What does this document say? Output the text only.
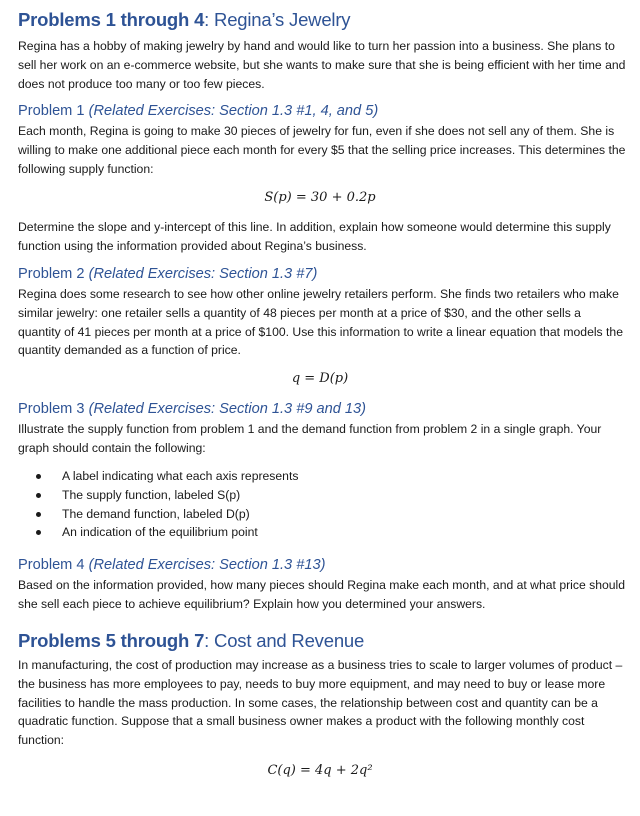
Problems 1 through 4: Regina’s Jewelry
Regina has a hobby of making jewelry by hand and would like to turn her passion into a business. She plans to sell her work on an e-commerce website, but she wants to make sure that she is being efficient with her time and does not produce too many or too few pieces.
Problem 1 (Related Exercises: Section 1.3 #1, 4, and 5)
Each month, Regina is going to make 30 pieces of jewelry for fun, even if she does not sell any of them. She is willing to make one additional piece each month for every $5 that the selling price increases. This determines the following supply function:
S(p) = 30 + 0.2p
Determine the slope and y-intercept of this line. In addition, explain how someone would determine this supply function using the information provided about Regina’s business.
Problem 2 (Related Exercises: Section 1.3 #7)
Regina does some research to see how other online jewelry retailers perform. She finds two retailers who make similar jewelry: one retailer sells a quantity of 48 pieces per month at a price of $30, and the other sells a quantity of 41 pieces per month at a price of $100. Use this information to write a linear equation that models the quantity demanded as a function of price.
q = D(p)
Problem 3 (Related Exercises: Section 1.3 #9 and 13)
Illustrate the supply function from problem 1 and the demand function from problem 2 in a single graph. Your graph should contain the following:
A label indicating what each axis represents
The supply function, labeled S(p)
The demand function, labeled D(p)
An indication of the equilibrium point
Problem 4 (Related Exercises: Section 1.3 #13)
Based on the information provided, how many pieces should Regina make each month, and at what price should she sell each piece to achieve equilibrium? Explain how you determined your answers.
Problems 5 through 7: Cost and Revenue
In manufacturing, the cost of production may increase as a business tries to scale to larger volumes of product – the business has more employees to pay, needs to buy more equipment, and may need to buy or lease more facilities to handle the mass production. In some cases, the relationship between cost and quantity can be a quadratic function. Suppose that a small business owner makes a product with the following monthly cost function:
C(q) = 4q + 2q²
